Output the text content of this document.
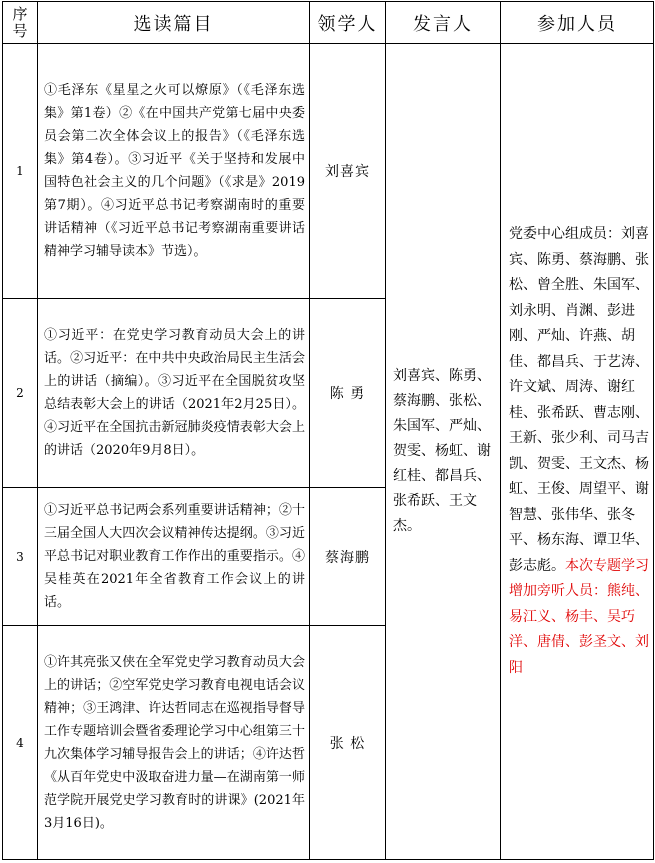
序
号	选读篇目	领学人	发言人	参加人员
1	①毛泽东《星星之火可以燎原》（《毛泽东选集》第1卷）②《在中国共产党第七届中央委员会第二次全体会议上的报告》（《毛泽东选集》第4卷）。③习近平《关于坚持和发展中国特色社会主义的几个问题》（《求是》2019第7期）。④习近平总书记考察湖南时的重要讲话精神（《习近平总书记考察湖南重要讲话精神学习辅导读本》节选）。	刘喜宾	刘喜宾、陈勇、蔡海鹏、张松、朱国军、严灿、贺雯、杨虹、谢红桂、都昌兵、张希跃、王文杰。	党委中心组成员：刘喜宾、陈勇、蔡海鹏、张松、曾全胜、朱国军、刘永明、肖渊、彭进刚、严灿、许燕、胡佳、都昌兵、于艺涛、许文斌、周涛、谢红桂、张希跃、曹志刚、王新、张少利、司马吉凯、贺雯、王文杰、杨虹、王俊、周望平、谢智慧、张伟华、张冬平、杨东海、谭卫华、彭志彪。本次专题学习增加旁听人员：熊纯、易江义、杨丰、吴巧洋、唐倩、彭圣文、刘阳
2	①习近平：在党史学习教育动员大会上的讲话。②习近平：在中共中央政治局民主生活会上的讲话（摘编）。③习近平在全国脱贫攻坚总结表彰大会上的讲话（2021年2月25日）。④习近平在全国抗击新冠肺炎疫情表彰大会上的讲话（2020年9月8日）。	陈 勇		
3	①习近平总书记两会系列重要讲话精神；②十三届全国人大四次会议精神传达提纲。③习近平总书记对职业教育工作作出的重要指示。④吴桂英在2021年全省教育工作会议上的讲话。	蔡海鹏		
4	①许其亮张又侠在全军党史学习教育动员大会上的讲话；②空军党史学习教育电视电话会议精神；③王鸿津、许达哲同志在巡视指导督导工作专题培训会暨省委理论学习中心组第三十九次集体学习辅导报告会上的讲话；④许达哲《从百年党史中汲取奋进力量—在湖南第一师范学院开展党史学习教育时的讲课》(2021年3月16日)。	张 松		
